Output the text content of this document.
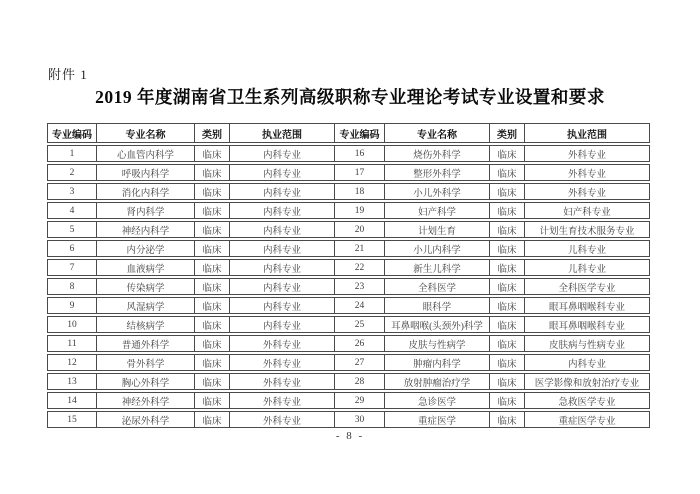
附件 1
2019 年度湖南省卫生系列高级职称专业理论考试专业设置和要求
专业编码	专业名称	类别	执业范围	专业编码	专业名称	类别	执业范围
1	心血管内科学	临床	内科专业	16	烧伤外科学	临床	外科专业
2	呼吸内科学	临床	内科专业	17	整形外科学	临床	外科专业
3	消化内科学	临床	内科专业	18	小儿外科学	临床	外科专业
4	肾内科学	临床	内科专业	19	妇产科学	临床	妇产科专业
5	神经内科学	临床	内科专业	20	计划生育	临床	计划生育技术服务专业
6	内分泌学	临床	内科专业	21	小儿内科学	临床	儿科专业
7	血液病学	临床	内科专业	22	新生儿科学	临床	儿科专业
8	传染病学	临床	内科专业	23	全科医学	临床	全科医学专业
9	风湿病学	临床	内科专业	24	眼科学	临床	眼耳鼻咽喉科专业
10	结核病学	临床	内科专业	25	耳鼻咽喉(头颈外)科学	临床	眼耳鼻咽喉科专业
11	普通外科学	临床	外科专业	26	皮肤与性病学	临床	皮肤病与性病专业
12	骨外科学	临床	外科专业	27	肿瘤内科学	临床	内科专业
13	胸心外科学	临床	外科专业	28	放射肿瘤治疗学	临床	医学影像和放射治疗专业
14	神经外科学	临床	外科专业	29	急诊医学	临床	急救医学专业
15	泌尿外科学	临床	外科专业	30	重症医学	临床	重症医学专业
- 8 -
